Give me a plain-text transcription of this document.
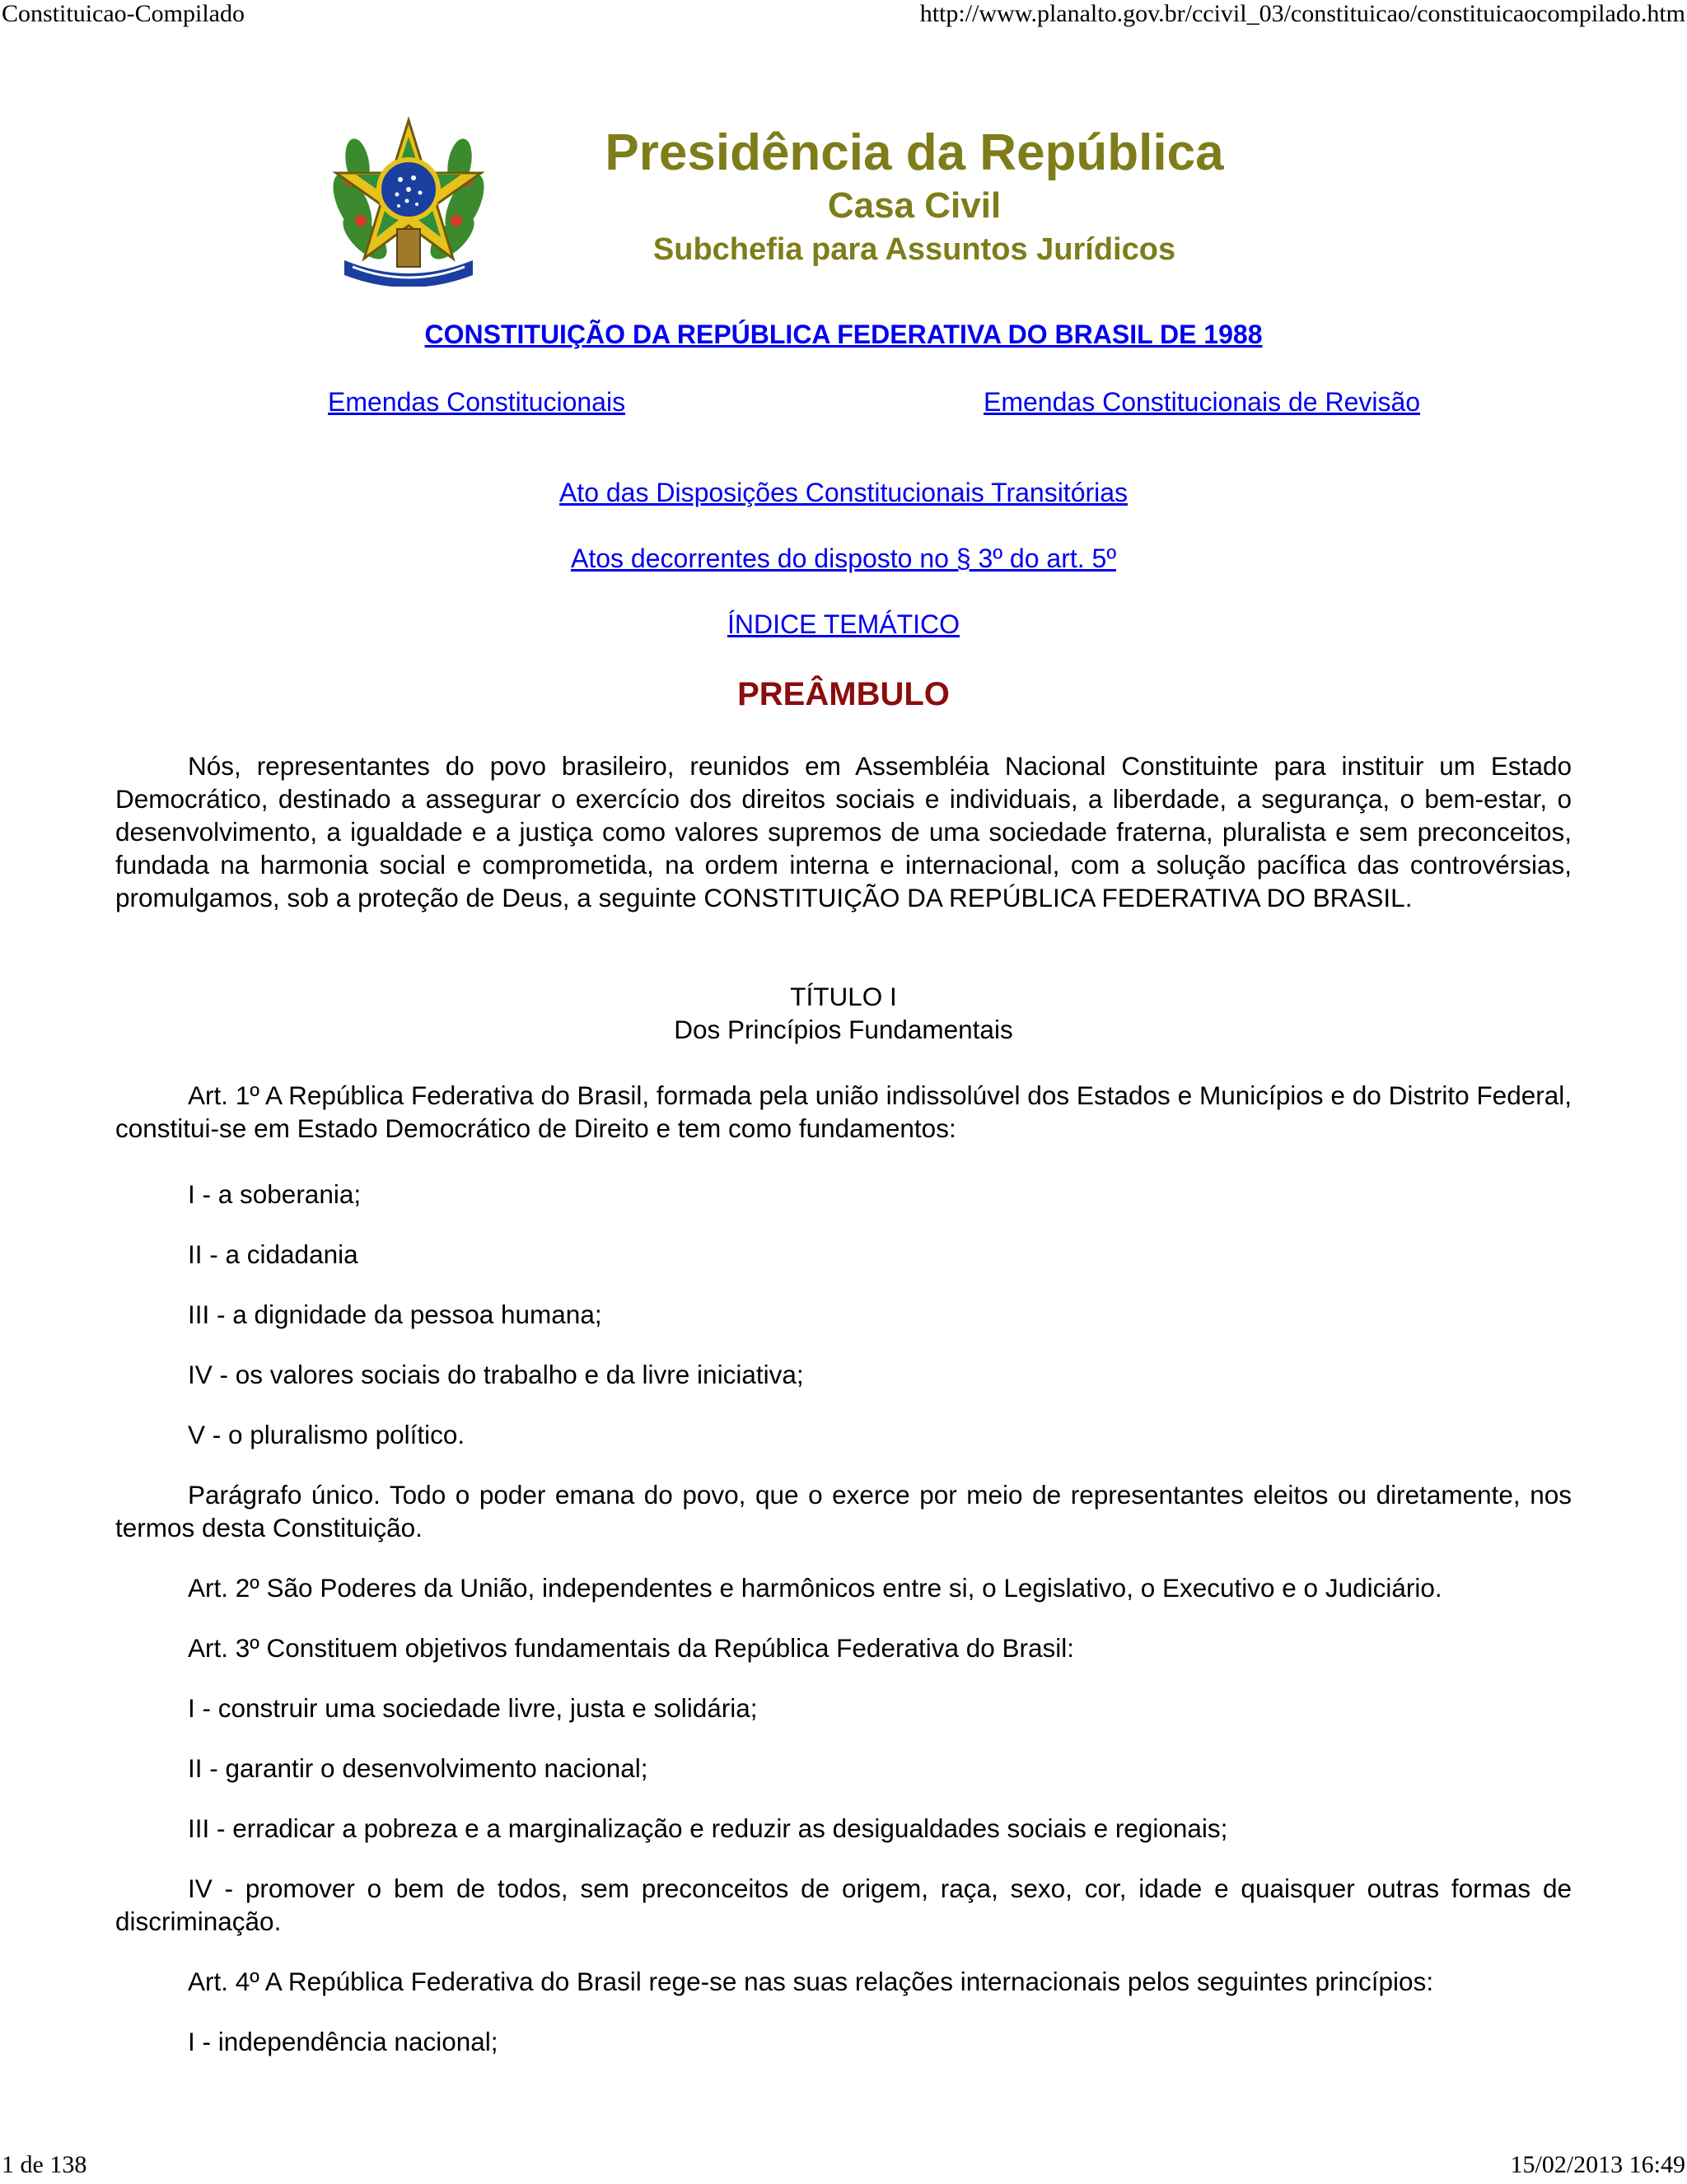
Constituicao-Compilado	http://www.planalto.gov.br/ccivil_03/constituicao/constituicaocompilado.htm
Presidência da República
Casa Civil
Subchefia para Assuntos Jurídicos
CONSTITUIÇÃO DA REPÚBLICA FEDERATIVA DO BRASIL DE 1988
Emendas Constitucionais	Emendas Constitucionais de Revisão
Ato das Disposições Constitucionais Transitórias
Atos decorrentes do disposto no § 3º do art. 5º
ÍNDICE TEMÁTICO
PREÂMBULO

Nós, representantes do povo brasileiro, reunidos em Assembléia Nacional Constituinte para instituir um Estado Democrático, destinado a assegurar o exercício dos direitos sociais e individuais, a liberdade, a segurança, o bem-estar, o desenvolvimento, a igualdade e a justiça como valores supremos de uma sociedade fraterna, pluralista e sem preconceitos, fundada na harmonia social e comprometida, na ordem interna e internacional, com a solução pacífica das controvérsias, promulgamos, sob a proteção de Deus, a seguinte CONSTITUIÇÃO DA REPÚBLICA FEDERATIVA DO BRASIL.

TÍTULO I
Dos Princípios Fundamentais

Art. 1º A República Federativa do Brasil, formada pela união indissolúvel dos Estados e Municípios e do Distrito Federal, constitui-se em Estado Democrático de Direito e tem como fundamentos:

I - a soberania;
II - a cidadania
III - a dignidade da pessoa humana;
IV - os valores sociais do trabalho e da livre iniciativa;
V - o pluralismo político.

Parágrafo único. Todo o poder emana do povo, que o exerce por meio de representantes eleitos ou diretamente, nos termos desta Constituição.

Art. 2º São Poderes da União, independentes e harmônicos entre si, o Legislativo, o Executivo e o Judiciário.

Art. 3º Constituem objetivos fundamentais da República Federativa do Brasil:

I - construir uma sociedade livre, justa e solidária;
II - garantir o desenvolvimento nacional;
III - erradicar a pobreza e a marginalização e reduzir as desigualdades sociais e regionais;

IV - promover o bem de todos, sem preconceitos de origem, raça, sexo, cor, idade e quaisquer outras formas de discriminação.

Art. 4º A República Federativa do Brasil rege-se nas suas relações internacionais pelos seguintes princípios:

I - independência nacional;
1 de 138	15/02/2013 16:49
